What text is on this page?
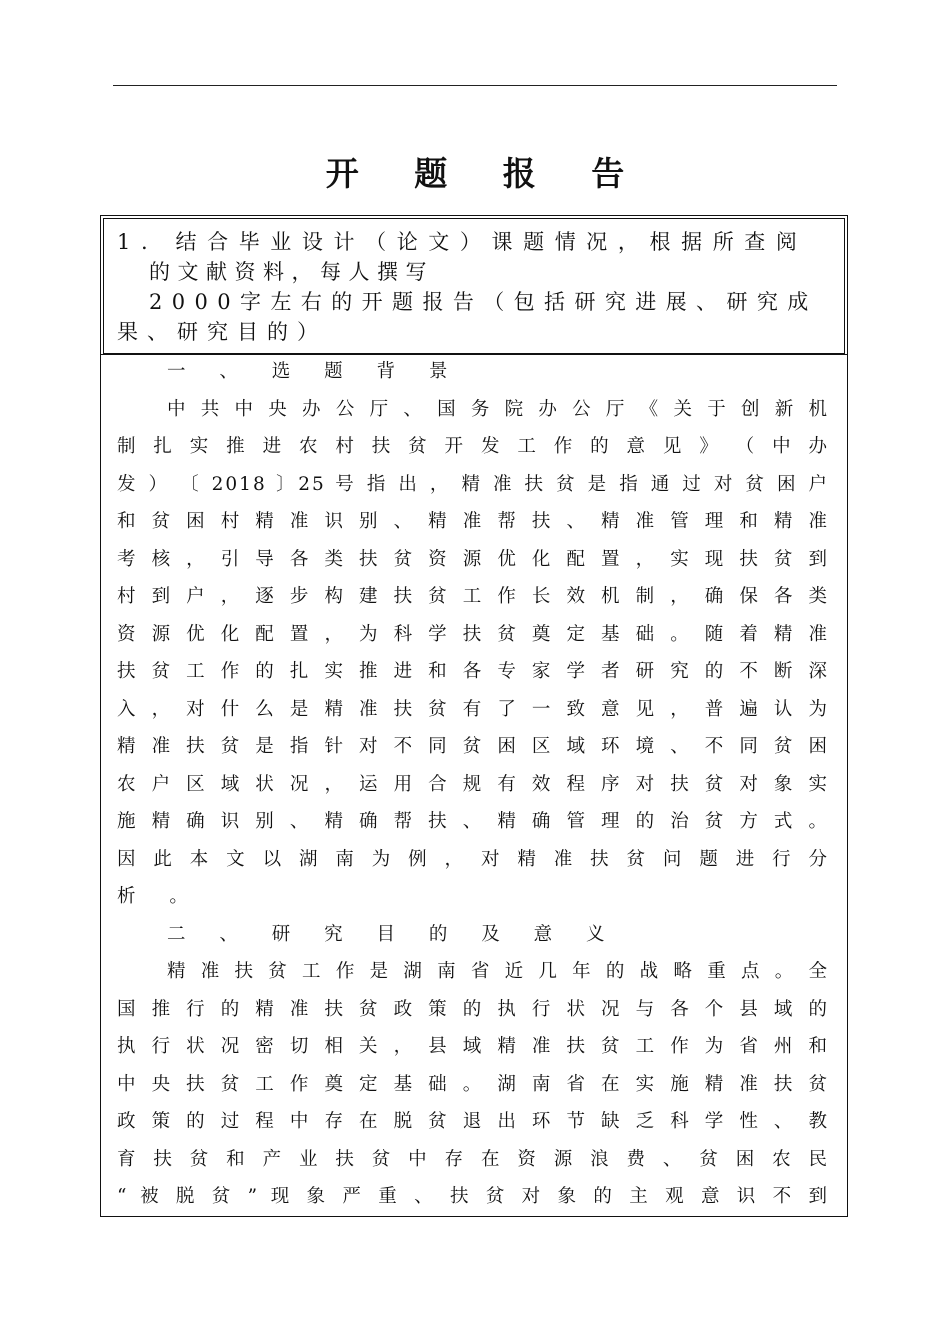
开 题 报 告
1. 结合毕业设计（论文）课题情况，根据所查阅
的文献资料，每人撰写
2000字左右的开题报告（包括研究进展、研究成
果、研究目的）
一 、 选 题 背 景
中 共 中 央 办 公 厅 、 国 务 院 办 公 厅 《 关 于 创 新 机
制 扎 实 推 进 农 村 扶 贫 开 发 工 作 的 意 见 》 （ 中 办
发 ） 〔 2018 〕25 号 指 出 ， 精 准 扶 贫 是 指 通 过 对 贫 困 户
和 贫 困 村 精 准 识 别 、 精 准 帮 扶 、 精 准 管 理 和 精 准
考 核 ， 引 导 各 类 扶 贫 资 源 优 化 配 置 ， 实 现 扶 贫 到
村 到 户 ， 逐 步 构 建 扶 贫 工 作 长 效 机 制 ， 确 保 各 类
资 源 优 化 配 置 ， 为 科 学 扶 贫 奠 定 基 础 。 随 着 精 准
扶 贫 工 作 的 扎 实 推 进 和 各 专 家 学 者 研 究 的 不 断 深
入 ， 对 什 么 是 精 准 扶 贫 有 了 一 致 意 见 ， 普 遍 认 为
精 准 扶 贫 是 指 针 对 不 同 贫 困 区 域 环 境 、 不 同 贫 困
农 户 区 域 状 况 ， 运 用 合 规 有 效 程 序 对 扶 贫 对 象 实
施 精 确 识 别 、 精 确 帮 扶 、 精 确 管 理 的 治 贫 方 式 。
因 此 本 文 以 湖 南 为 例 ， 对 精 准 扶 贫 问 题 进 行 分
析 。
二 、 研 究 目 的 及 意 义
精 准 扶 贫 工 作 是 湖 南 省 近 几 年 的 战 略 重 点 。 全
国 推 行 的 精 准 扶 贫 政 策 的 执 行 状 况 与 各 个 县 域 的
执 行 状 况 密 切 相 关 ， 县 域 精 准 扶 贫 工 作 为 省 州 和
中 央 扶 贫 工 作 奠 定 基 础 。 湖 南 省 在 实 施 精 准 扶 贫
政 策 的 过 程 中 存 在 脱 贫 退 出 环 节 缺 乏 科 学 性 、 教
育 扶 贫 和 产 业 扶 贫 中 存 在 资 源 浪 费 、 贫 困 农 民
“ 被 脱 贫 ” 现 象 严 重 、 扶 贫 对 象 的 主 观 意 识 不 到
